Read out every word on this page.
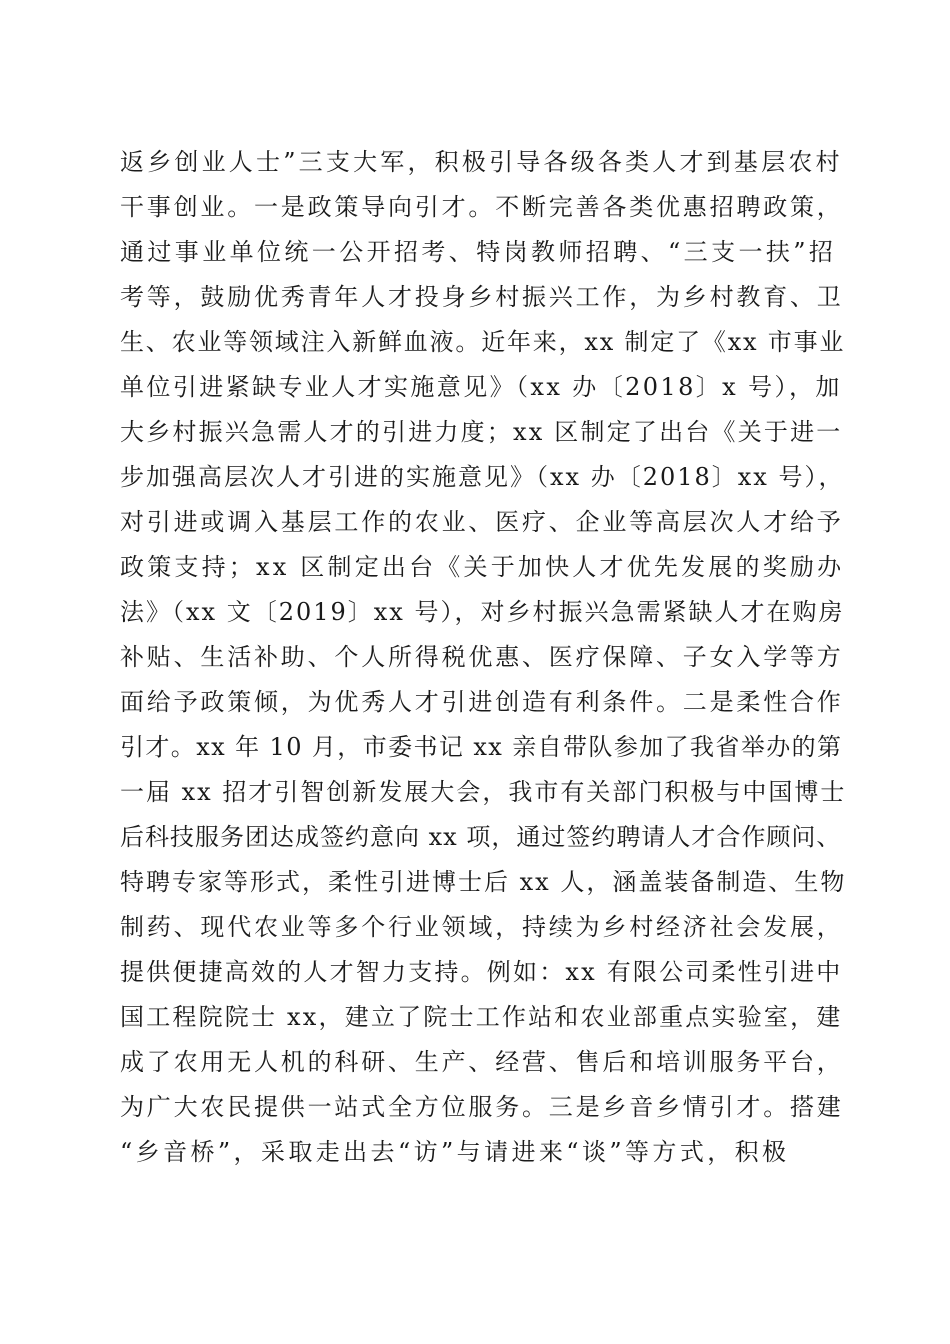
返乡创业人士”三支大军，积极引导各级各类人才到基层农村
干事创业。一是政策导向引才。不断完善各类优惠招聘政策，
通过事业单位统一公开招考、特岗教师招聘、“三支一扶”招
考等，鼓励优秀青年人才投身乡村振兴工作，为乡村教育、卫
生、农业等领域注入新鲜血液。近年来，xx 制定了《xx 市事业
单位引进紧缺专业人才实施意见》（xx 办〔2018〕x 号），加
大乡村振兴急需人才的引进力度；xx 区制定了出台《关于进一
步加强高层次人才引进的实施意见》（xx 办〔2018〕xx 号），
对引进或调入基层工作的农业、医疗、企业等高层次人才给予
政策支持；xx 区制定出台《关于加快人才优先发展的奖励办
法》（xx 文〔2019〕xx 号），对乡村振兴急需紧缺人才在购房
补贴、生活补助、个人所得税优惠、医疗保障、子女入学等方
面给予政策倾，为优秀人才引进创造有利条件。二是柔性合作
引才。xx 年 10 月，市委书记 xx 亲自带队参加了我省举办的第
一届 xx 招才引智创新发展大会，我市有关部门积极与中国博士
后科技服务团达成签约意向 xx 项，通过签约聘请人才合作顾问、
特聘专家等形式，柔性引进博士后 xx 人，涵盖装备制造、生物
制药、现代农业等多个行业领域，持续为乡村经济社会发展，
提供便捷高效的人才智力支持。例如：xx 有限公司柔性引进中
国工程院院士 xx，建立了院士工作站和农业部重点实验室，建
成了农用无人机的科研、生产、经营、售后和培训服务平台，
为广大农民提供一站式全方位服务。三是乡音乡情引才。搭建
“乡音桥”，采取走出去“访”与请进来“谈”等方式，积极
